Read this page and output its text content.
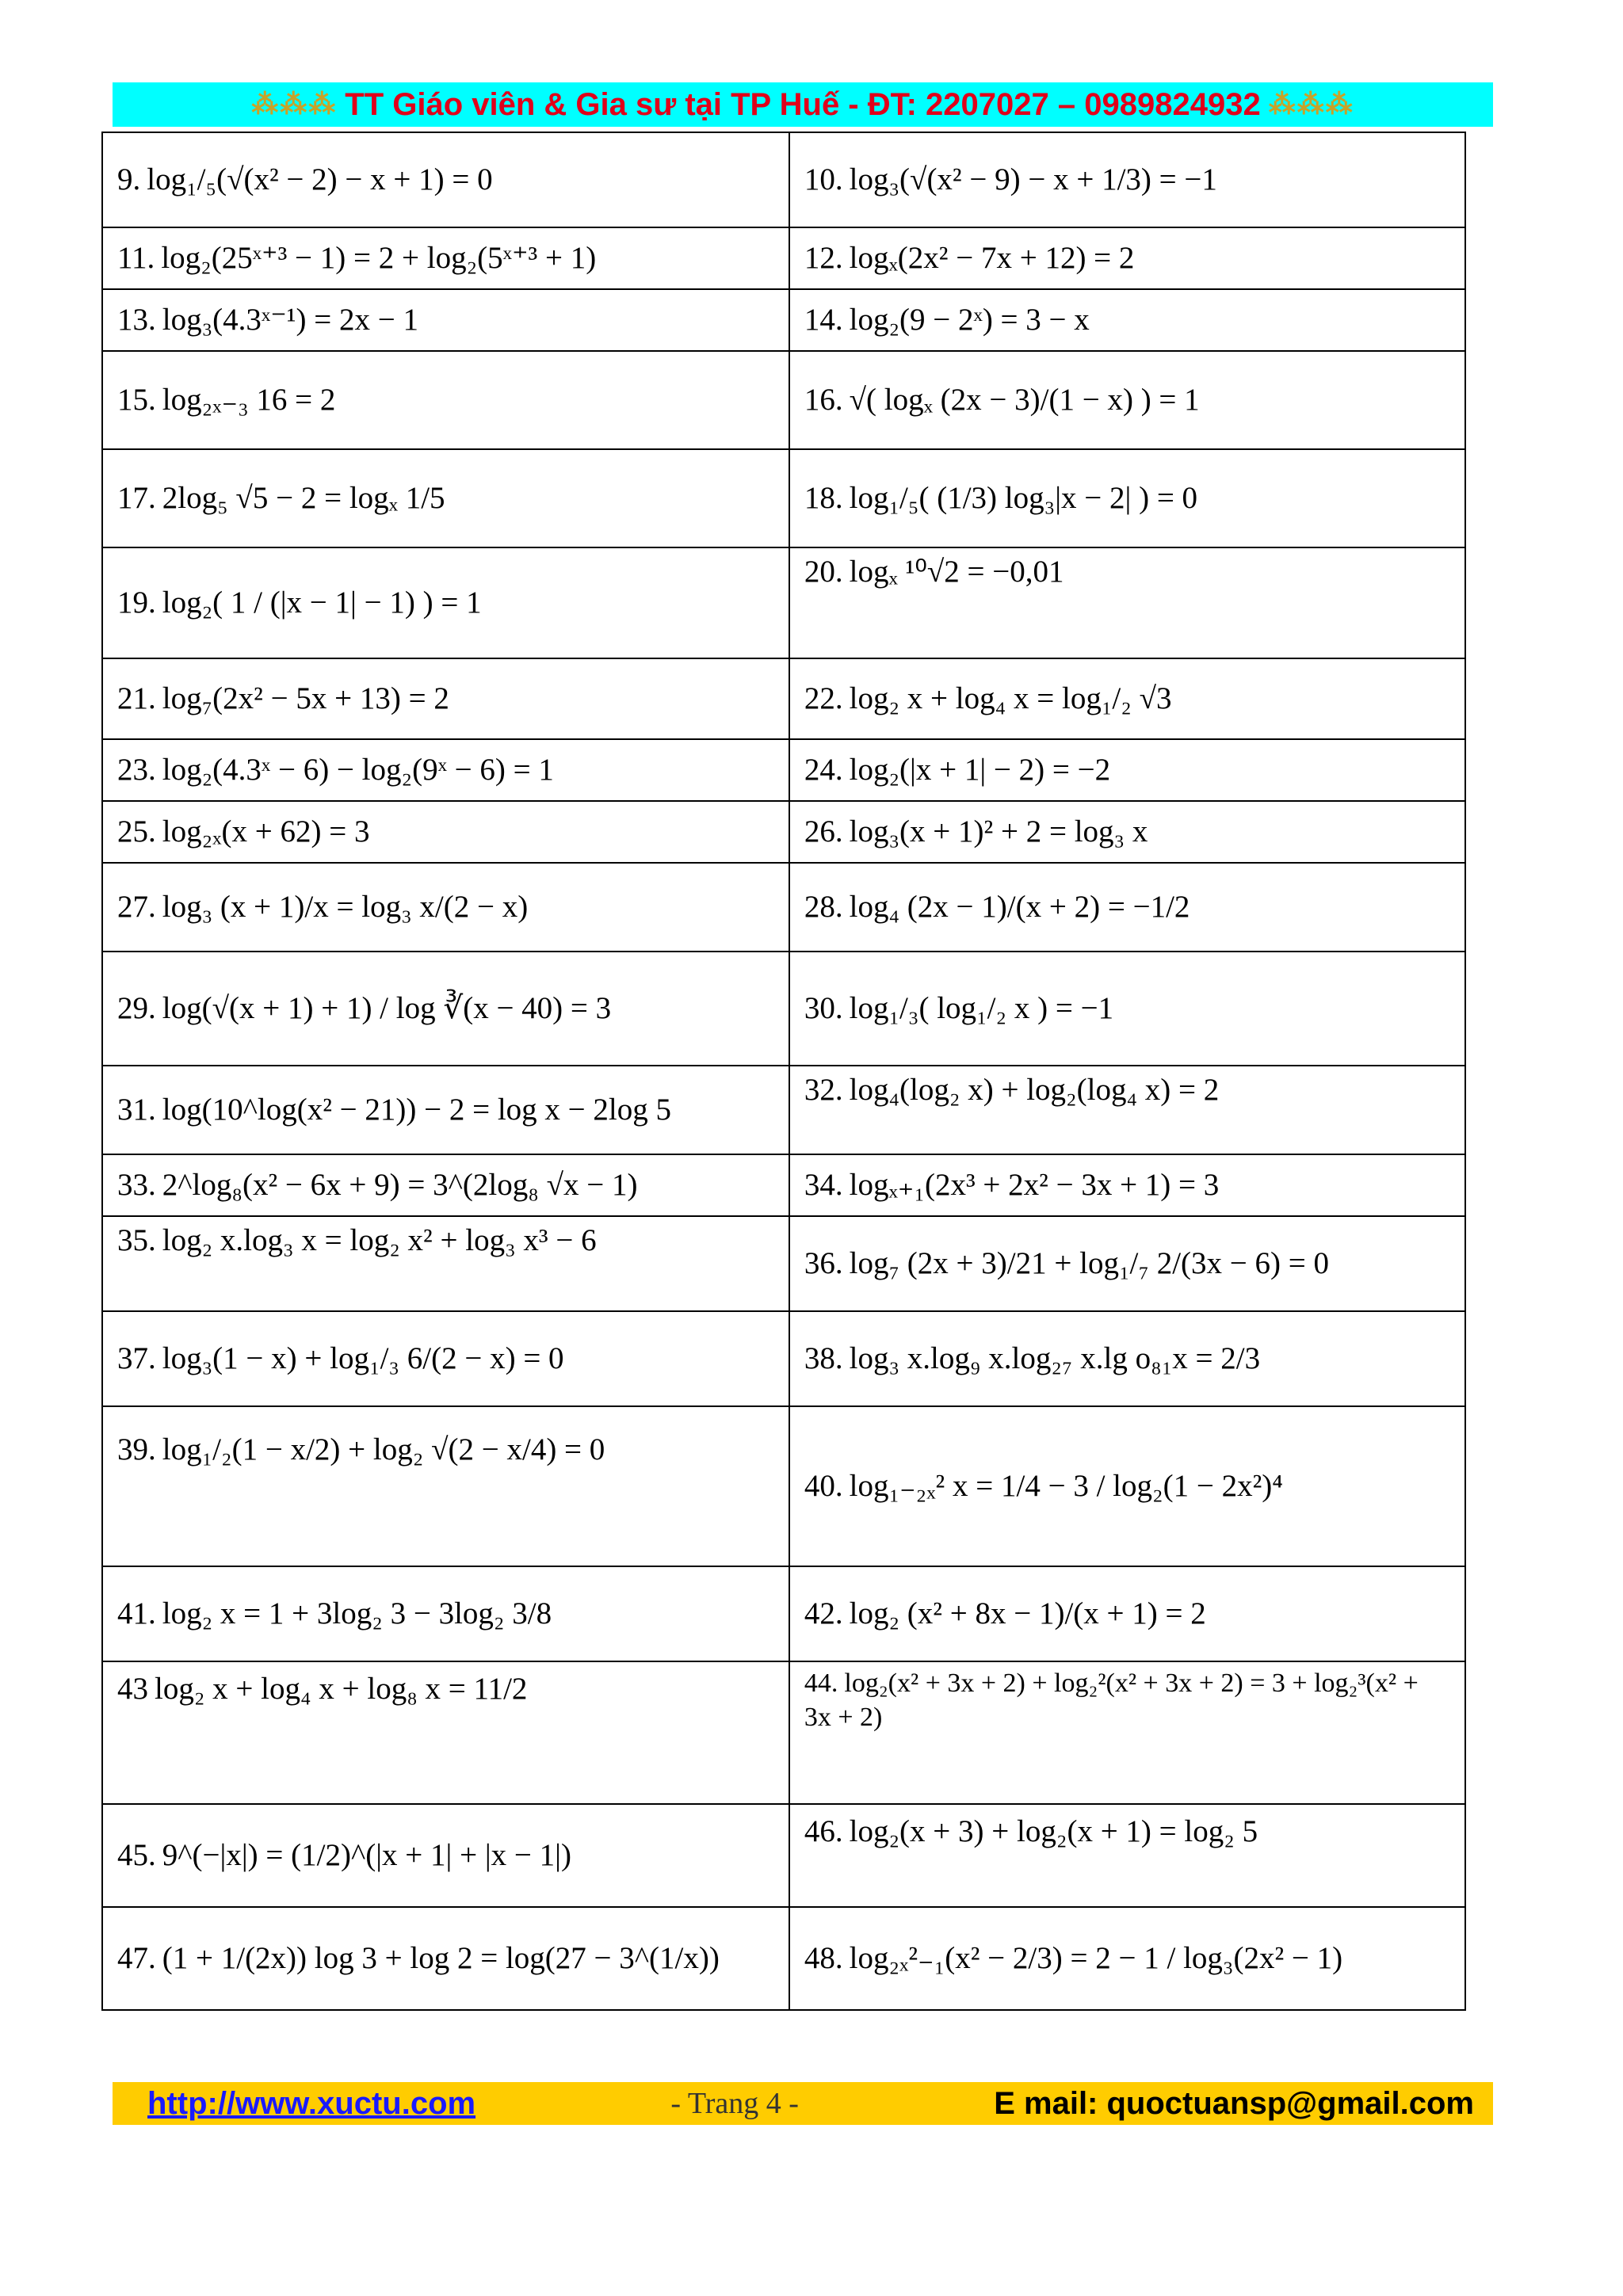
⁂⁂⁂ TT Giáo viên & Gia sư tại TP Huế - ĐT: 2207027 – 0989824932 ⁂⁂⁂
9. log₁/₅(√(x² − 2) − x + 1) = 0	10. log₃(√(x² − 9) − x + 1/3) = −1
11. log₂(25ˣ⁺³ − 1) = 2 + log₂(5ˣ⁺³ + 1)	12. logₓ(2x² − 7x + 12) = 2
13. log₃(4.3ˣ⁻¹) = 2x − 1	14. log₂(9 − 2ˣ) = 3 − x
15. log₂ₓ₋₃ 16 = 2	16. √( logₓ (2x − 3)/(1 − x) ) = 1
17. 2log₅ √5 − 2 = logₓ 1/5	18. log₁/₅( (1/3) log₃|x − 2| ) = 0
19. log₂( 1 / (|x − 1| − 1) ) = 1	20. logₓ ¹⁰√2 = −0,01
21. log₇(2x² − 5x + 13) = 2	22. log₂ x + log₄ x = log₁/₂ √3
23. log₂(4.3ˣ − 6) − log₂(9ˣ − 6) = 1	24. log₂(|x + 1| − 2) = −2
25. log₂ₓ(x + 62) = 3	26. log₃(x + 1)² + 2 = log₃ x
27. log₃ (x + 1)/x = log₃ x/(2 − x)	28. log₄ (2x − 1)/(x + 2) = −1/2
29. log(√(x + 1) + 1) / log ∛(x − 40) = 3	30. log₁/₃( log₁/₂ x ) = −1
31. log(10^log(x² − 21)) − 2 = log x − 2log 5	32. log₄(log₂ x) + log₂(log₄ x) = 2
33. 2^log₈(x² − 6x + 9) = 3^(2log₈ √x − 1)	34. logₓ₊₁(2x³ + 2x² − 3x + 1) = 3
35. log₂ x.log₃ x = log₂ x² + log₃ x³ − 6	36. log₇ (2x + 3)/21 + log₁/₇ 2/(3x − 6) = 0
37. log₃(1 − x) + log₁/₃ 6/(2 − x) = 0	38. log₃ x.log₉ x.log₂₇ x.lg o₈₁x = 2/3
39. log₁/₂(1 − x/2) + log₂ √(2 − x/4) = 0	40. log₁₋₂ₓ² x = 1/4 − 3 / log₂(1 − 2x²)⁴
41. log₂ x = 1 + 3log₂ 3 − 3log₂ 3/8	42. log₂ (x² + 8x − 1)/(x + 1) = 2
43 log₂ x + log₄ x + log₈ x = 11/2	44. log₂(x² + 3x + 2) + log₂²(x² + 3x + 2) = 3 + log₂³(x² + 3x + 2)
45. 9^(−|x|) = (1/2)^(|x + 1| + |x − 1|)	46. log₂(x + 3) + log₂(x + 1) = log₂ 5
47. (1 + 1/(2x)) log 3 + log 2 = log(27 − 3^(1/x))	48. log₂ₓ²₋₁(x² − 2/3) = 2 − 1 / log₃(2x² − 1)
http://www.xuctu.com	- Trang 4 -	E mail: quoctuansp@gmail.com
